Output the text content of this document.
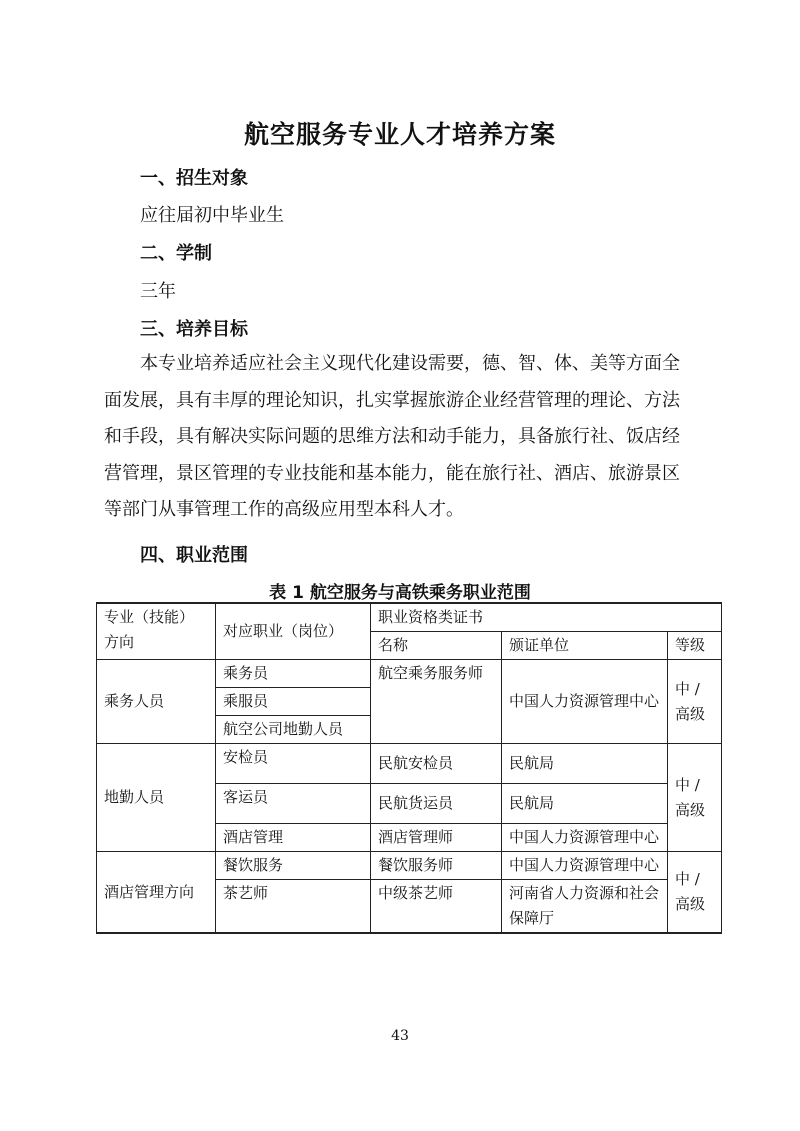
航空服务专业人才培养方案
一、招生对象
应往届初中毕业生
二、学制
三年
三、培养目标
本专业培养适应社会主义现代化建设需要，德、智、体、美等方面全
面发展，具有丰厚的理论知识，扎实掌握旅游企业经营管理的理论、方法
和手段，具有解决实际问题的思维方法和动手能力，具备旅行社、饭店经
营管理，景区管理的专业技能和基本能力，能在旅行社、酒店、旅游景区
等部门从事管理工作的高级应用型本科人才。
四、职业范围
表 1 航空服务与高铁乘务职业范围
专业（技能）方向	对应职业（岗位）	职业资格类证书		
		名称	颁证单位	等级
乘务人员	乘务员	航空乘务服务师	中国人力资源管理中心	中 / 高级
	乘服员			
	航空公司地勤人员			
地勤人员	安检员	民航安检员	民航局	中 / 高级
	客运员	民航货运员	民航局	
	酒店管理	酒店管理师	中国人力资源管理中心	
酒店管理方向	餐饮服务	餐饮服务师	中国人力资源管理中心	中 / 高级
	茶艺师	中级茶艺师	河南省人力资源和社会保障厅	
43
